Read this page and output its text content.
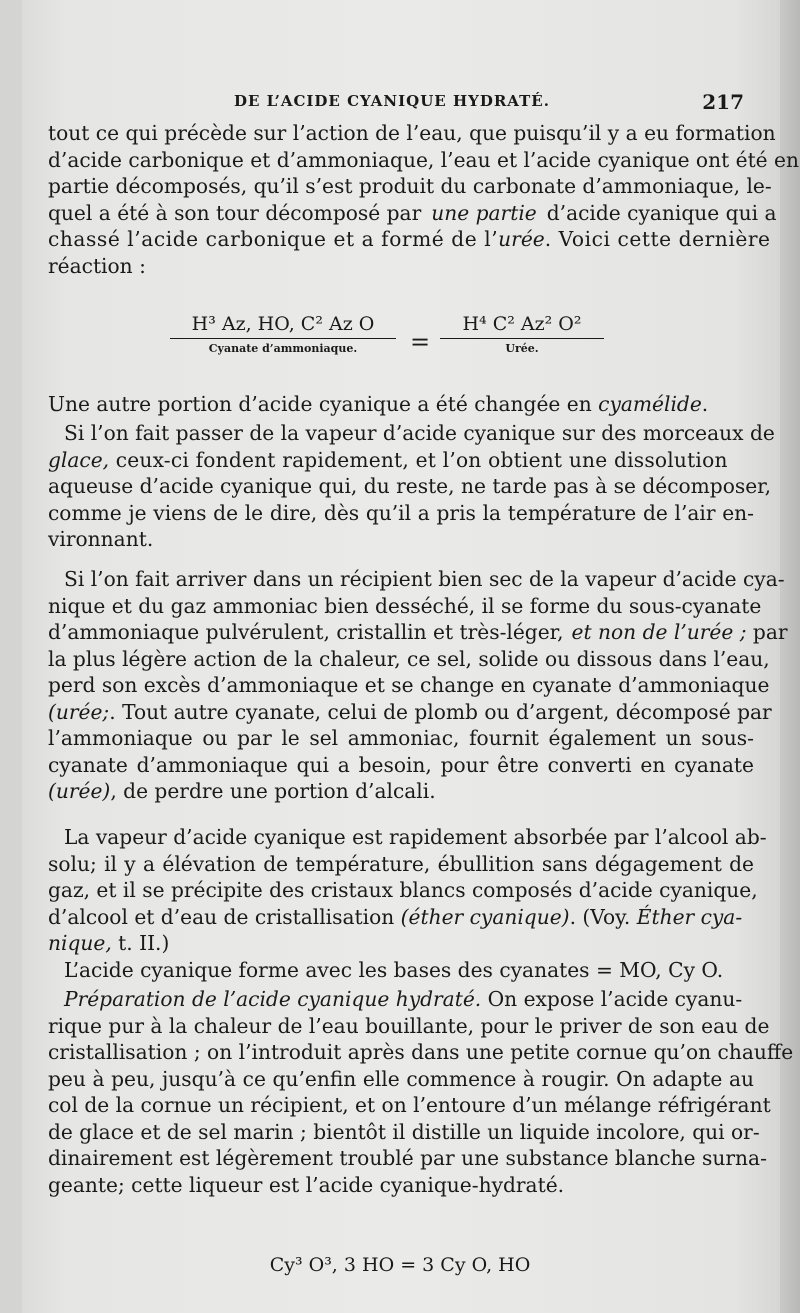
DE L’ACIDE CYANIQUE HYDRATÉ.	217
tout ce qui précède sur l’action de l’eau, que puisqu’il y a eu formation
d’acide carbonique et d’ammoniaque, l’eau et l’acide cyanique ont été en
partie décomposés, qu’il s’est produit du carbonate d’ammoniaque, le-
quel a été à son tour décomposé par une partie d’acide cyanique qui a
chassé l’acide carbonique et a formé de l’ urée . Voici cette dernière
réaction :
H³ Az, HO, C² Az O
Cyanate d’ammoniaque.	=
H⁴ C² Az² O²
Urée.
Une autre portion d’acide cyanique a été changée en cyamélide .
Si l’on fait passer de la vapeur d’acide cyanique sur des morceaux de
glace, ceux-ci fondent rapidement, et l’on obtient une dissolution
aqueuse d’acide cyanique qui, du reste, ne tarde pas à se décomposer,
comme je viens de le dire, dès qu’il a pris la température de l’air en-
vironnant.
Si l’on fait arriver dans un récipient bien sec de la vapeur d’acide cya-
nique et du gaz ammoniac bien desséché, il se forme du sous-cyanate
d’ammoniaque pulvérulent, cristallin et très-léger, et non de l’urée ; par
la plus légère action de la chaleur, ce sel, solide ou dissous dans l’eau,
perd son excès d’ammoniaque et se change en cyanate d’ammoniaque
(urée; . Tout autre cyanate, celui de plomb ou d’argent, décomposé par
l’ammoniaque ou par le sel ammoniac, fournit également un sous-
cyanate d’ammoniaque qui a besoin, pour être converti en cyanate
(urée) , de perdre une portion d’alcali.
La vapeur d’acide cyanique est rapidement absorbée par l’alcool ab-
solu; il y a élévation de température, ébullition sans dégagement de
gaz, et il se précipite des cristaux blancs composés d’acide cyanique,
d’alcool et d’eau de cristallisation (éther cyanique) . (Voy. Éther cya-
nique, t. II.)
L’acide cyanique forme avec les bases des cyanates = MO, Cy O.
Préparation de l’acide cyanique hydraté. On expose l’acide cyanu-
rique pur à la chaleur de l’eau bouillante, pour le priver de son eau de
cristallisation ; on l’introduit après dans une petite cornue qu’on chauffe
peu à peu, jusqu’à ce qu’enfin elle commence à rougir. On adapte au
col de la cornue un récipient, et on l’entoure d’un mélange réfrigérant
de glace et de sel marin ; bientôt il distille un liquide incolore, qui or-
dinairement est légèrement troublé par une substance blanche surna-
geante; cette liqueur est l’acide cyanique-hydraté.
Cy³ O³, 3 HO = 3 Cy O, HO
